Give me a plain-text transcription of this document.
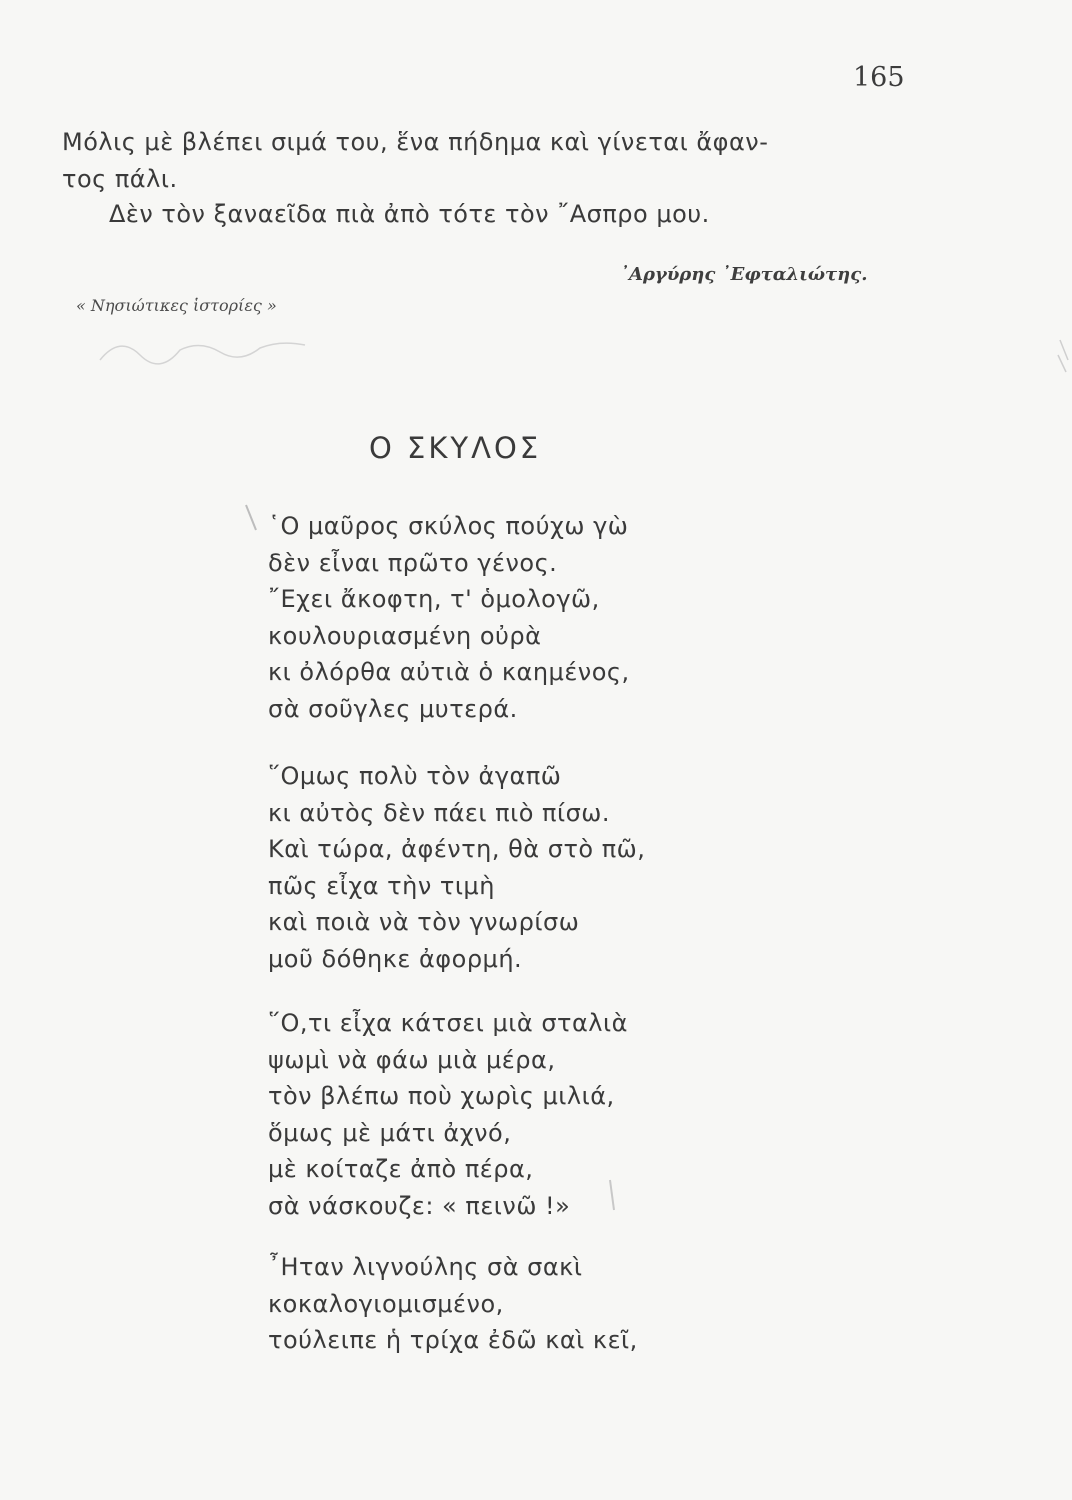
165
Μόλις μὲ βλέπει σιμά του, ἕνα πήδημα καὶ γίνεται ἄφαν-
τος πάλι.
Δὲν τὸν ξαναεῖδα πιὰ ἀπὸ τότε τὸν ῎Ασπρο μου.
᾿Αργύρης ᾿Εφταλιώτης.
« Νησιώτικες ἱστορίες »
Ο ΣΚΥΛΟΣ
῾Ο μαῦρος σκύλος πούχω γὼ
δὲν εἶναι πρῶτο γένος.
῎Εχει ἄκοφτη, τ' ὁμολογῶ,
κουλουριασμένη οὐρὰ
κι ὀλόρθα αὐτιὰ ὁ καημένος,
σὰ σοῦγλες μυτερά.
῞Ομως πολὺ τὸν ἀγαπῶ
κι αὐτὸς δὲν πάει πιὸ πίσω.
Καὶ τώρα, ἀφέντη, θὰ στὸ πῶ,
πῶς εἶχα τὴν τιμὴ
καὶ ποιὰ νὰ τὸν γνωρίσω
μοῦ δόθηκε ἀφορμή.
῞Ο,τι εἶχα κάτσει μιὰ σταλιὰ
ψωμὶ νὰ φάω μιὰ μέρα,
τὸν βλέπω ποὺ χωρὶς μιλιά,
ὅμως μὲ μάτι ἀχνό,
μὲ κοίταζε ἀπὸ πέρα,
σὰ νάσκουζε: « πεινῶ !»
῏Ηταν λιγνούλης σὰ σακὶ
κοκαλογιομισμένο,
τούλειπε ἡ τρίχα ἐδῶ καὶ κεῖ,
